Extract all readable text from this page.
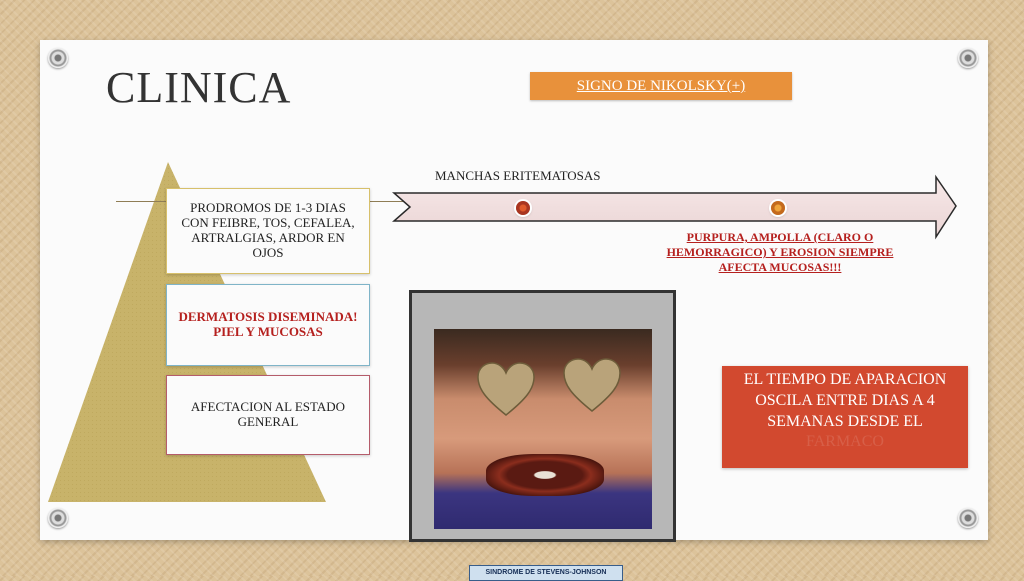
CLINICA	SIGNO DE NIKOLSKY(+)
MANCHAS ERITEMATOSAS
PURPURA, AMPOLLA (CLARO O HEMORRAGICO) Y EROSION SIEMPRE AFECTA MUCOSAS!!!
PRODROMOS DE 1-3 DIAS CON FEIBRE, TOS, CEFALEA, ARTRALGIAS, ARDOR EN OJOS
DERMATOSIS DISEMINADA! PIEL Y MUCOSAS
AFECTACION AL ESTADO GENERAL
SINDROME DE STEVENS-JOHNSON
EL TIEMPO DE APARACION OSCILA ENTRE DIAS A 4 SEMANAS DESDE EL
FARMACO
